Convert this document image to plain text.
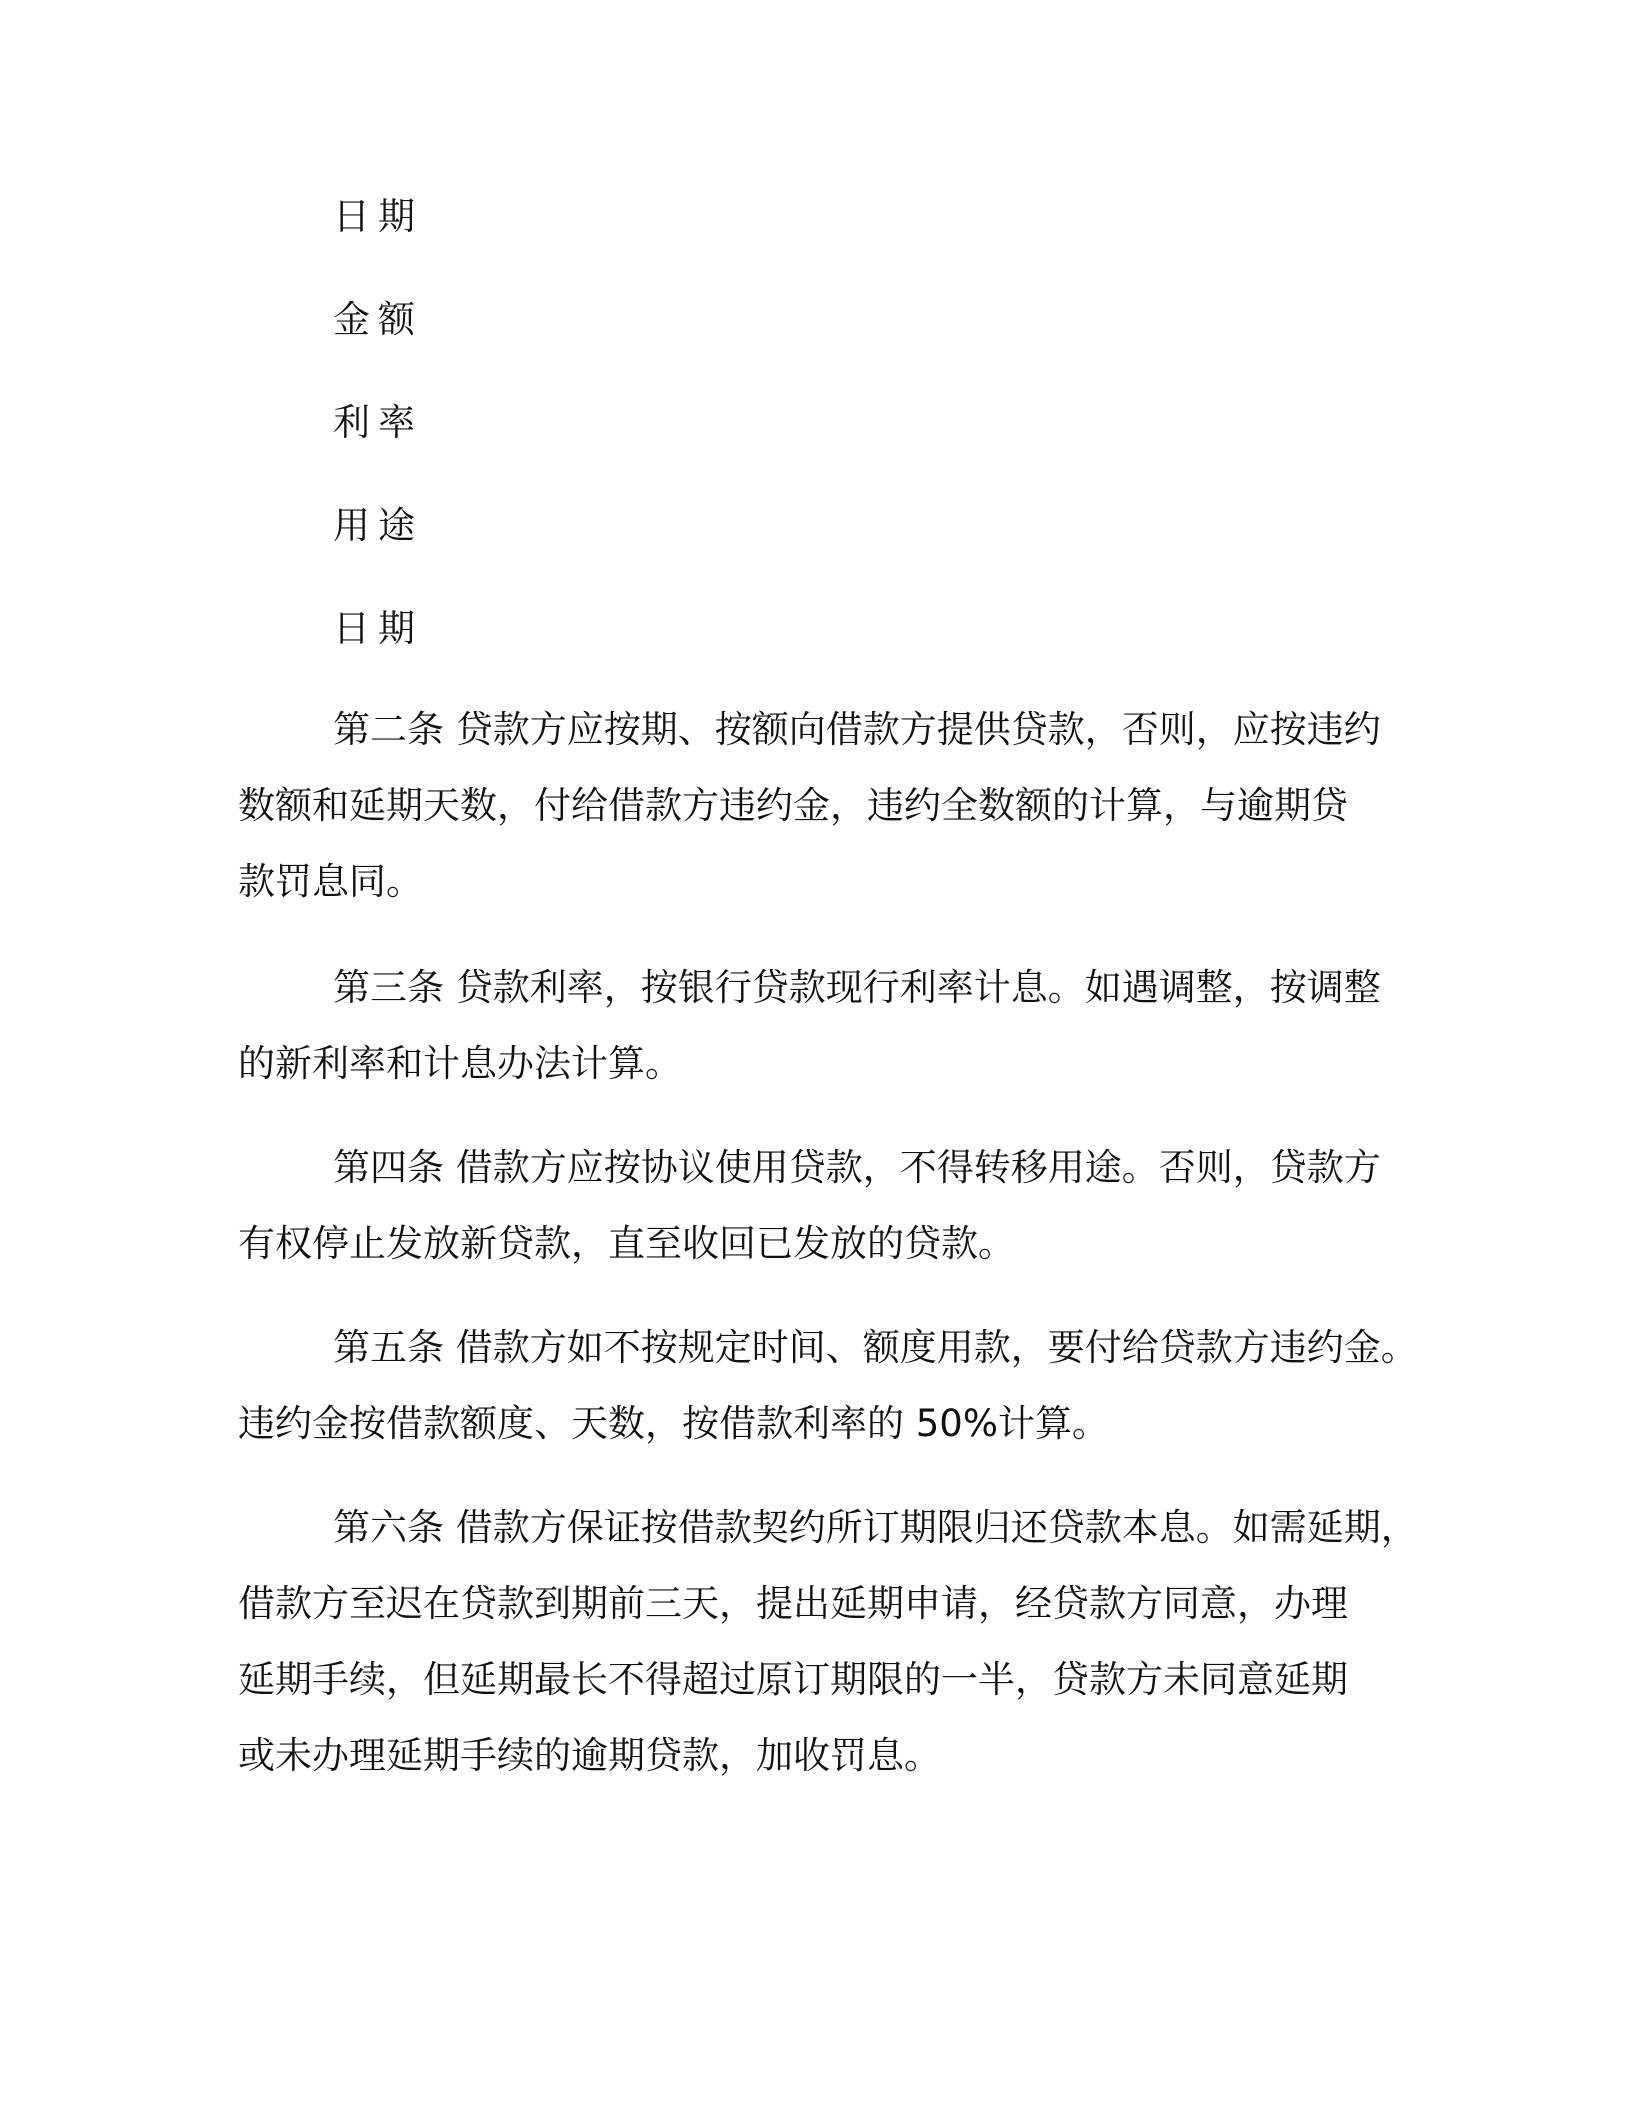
日期
金额
利率
用途
日期
第二条 贷款方应按期、按额向借款方提供贷款，否则，应按违约
数额和延期天数，付给借款方违约金，违约全数额的计算，与逾期贷
款罚息同。
第三条 贷款利率，按银行贷款现行利率计息。如遇调整，按调整
的新利率和计息办法计算。
第四条 借款方应按协议使用贷款，不得转移用途。否则，贷款方
有权停止发放新贷款，直至收回已发放的贷款。
第五条 借款方如不按规定时间、额度用款，要付给贷款方违约金。
违约金按借款额度、天数，按借款利率的 50%计算。
第六条 借款方保证按借款契约所订期限归还贷款本息。如需延期，
借款方至迟在贷款到期前三天，提出延期申请，经贷款方同意，办理
延期手续，但延期最长不得超过原订期限的一半，贷款方未同意延期
或未办理延期手续的逾期贷款，加收罚息。
